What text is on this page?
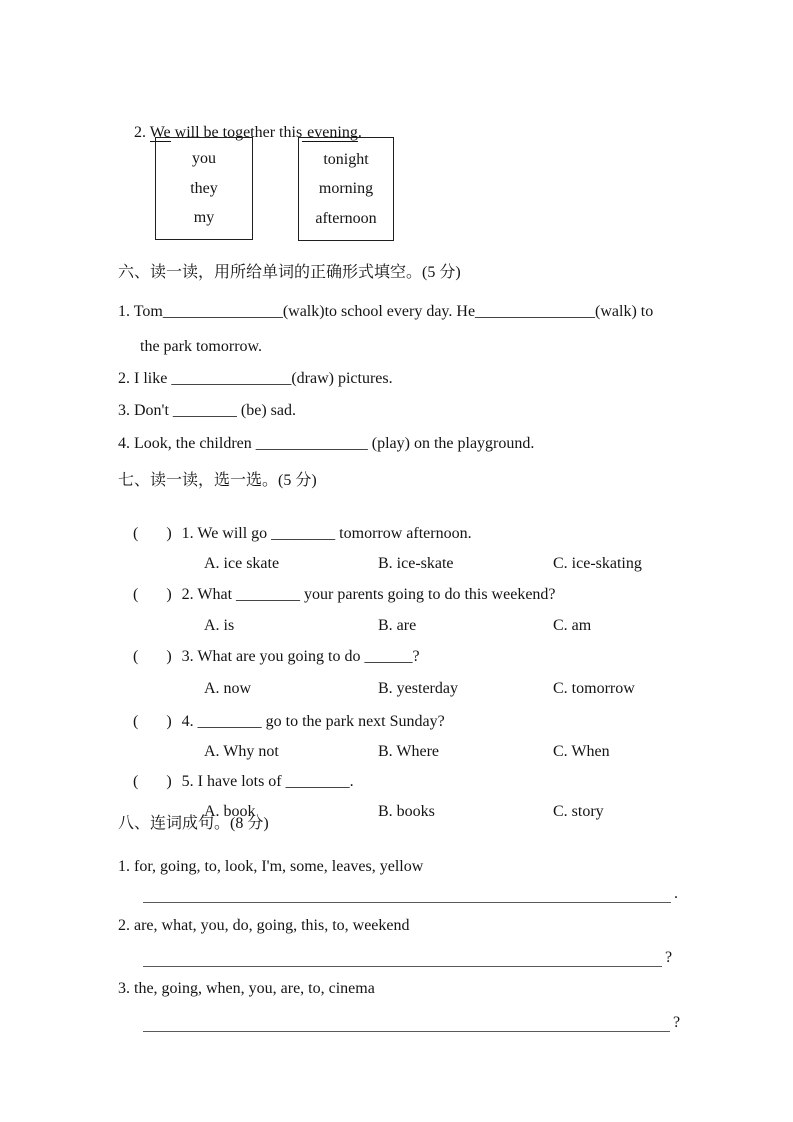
2. We will be together this evening.

you
they
my
tonight
morning
afternoon
六、读一读，用所给单词的正确形式填空。(5 分)
1. Tom_______________(walk)to school every day. He_______________(walk) to
the park tomorrow.
2. I like _______________(draw) pictures.
3. Don't ________ (be) sad.
4. Look, the children ______________ (play) on the playground.
七、读一读，选一选。(5 分)

(       ) 1. We will go ________ tomorrow afternoon.

A. ice skate	B. ice-skate	C. ice-skating

(       ) 2. What ________ your parents going to do this weekend?

A. is	B. are	C. am

(       ) 3. What are you going to do ______?

A. now	B. yesterday	C. tomorrow

(       ) 4. ________ go to the park next Sunday?

A. Why not	B. Where	C. When

(       ) 5. I have lots of ________.

A. book	B. books	C. story

八、连词成句。(8 分)
1. for, going, to, look, I'm, some, leaves, yellow
.
2. are, what, you, do, going, this, to, weekend
?
3. the, going, when, you, are, to, cinema
?
